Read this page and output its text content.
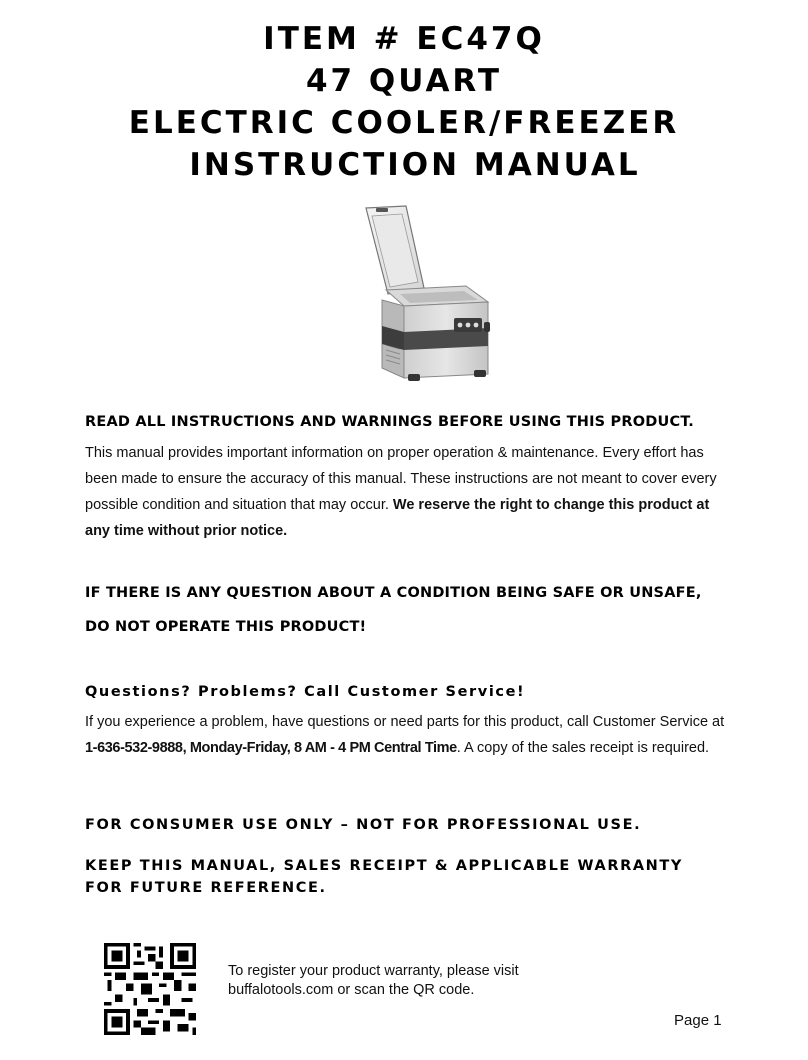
ITEM # EC47Q
47 QUART
ELECTRIC COOLER/FREEZER
INSTRUCTION MANUAL
READ ALL INSTRUCTIONS AND WARNINGS BEFORE USING THIS PRODUCT.
This manual provides important information on proper operation & maintenance. Every effort has been made to ensure the accuracy of this manual. These instructions are not meant to cover every possible condition and situation that may occur. We reserve the right to change this product at any time without prior notice.
IF THERE IS ANY QUESTION ABOUT A CONDITION BEING SAFE OR UNSAFE,
DO NOT OPERATE THIS PRODUCT!
Questions? Problems? Call Customer Service!
If you experience a problem, have questions or need parts for this product, call Customer Service at 1-636-532-9888, Monday-Friday, 8 AM - 4 PM Central Time. A copy of the sales receipt is required.
FOR CONSUMER USE ONLY – NOT FOR PROFESSIONAL USE.
KEEP THIS MANUAL, SALES RECEIPT & APPLICABLE WARRANTY
FOR FUTURE REFERENCE.
To register your product warranty, please visit
buffalotools.com or scan the QR code.
Page 1
